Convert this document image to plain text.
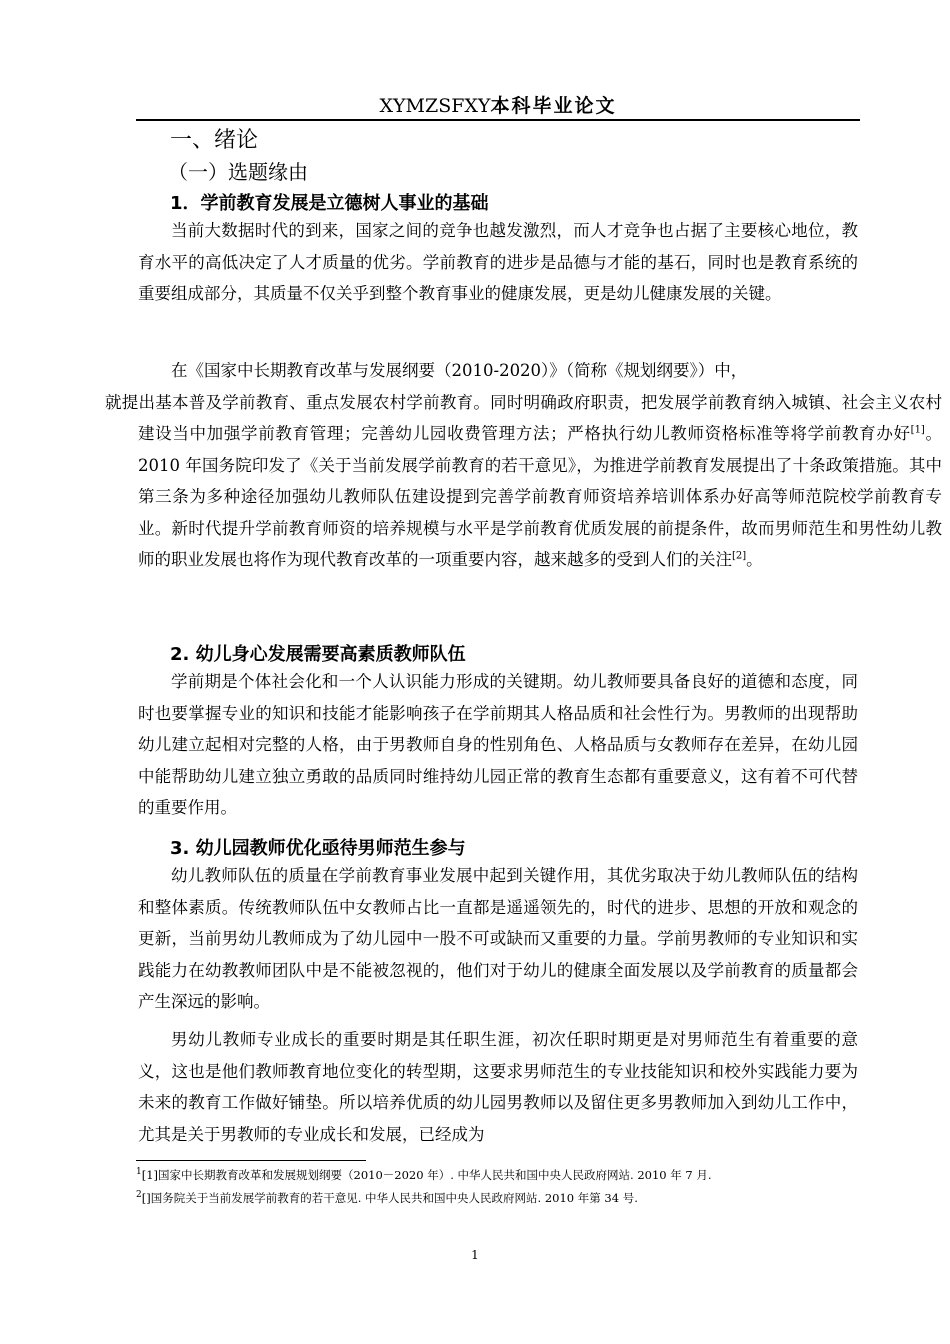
XYMZSFXY本科毕业论文
一、绪论
（一）选题缘由
1．学前教育发展是立德树人事业的基础

当前大数据时代的到来，国家之间的竞争也越发激烈，而人才竞争也占据了主要核心地位，教育水平的高低决定了人才质量的优劣。学前教育的进步是品德与才能的基石，同时也是教育系统的重要组成部分，其质量不仅关乎到整个教育事业的健康发展，更是幼儿健康发展的关键。

在《国家中长期教育改革与发展纲要（2010-2020）》（简称《规划纲要》）中，
就提出基本普及学前教育、重点发展农村学前教育。同时明确政府职责，把发展学前教育纳入城镇、社会主义农村建设当中加强学前教育管理；完善幼儿园收费管理方法；严格执行幼儿教师资格标准等将学前教育办好[1]。2010 年国务院印发了《关于当前发展学前教育的若干意见》，为推进学前教育发展提出了十条政策措施。其中第三条为多种途径加强幼儿教师队伍建设提到完善学前教育师资培养培训体系办好高等师范院校学前教育专业。新时代提升学前教育师资的培养规模与水平是学前教育优质发展的前提条件，故而男师范生和男性幼儿教师的职业发展也将作为现代教育改革的一项重要内容，越来越多的受到人们的关注[2]。

2. 幼儿身心发展需要高素质教师队伍

学前期是个体社会化和一个人认识能力形成的关键期。幼儿教师要具备良好的道德和态度，同时也要掌握专业的知识和技能才能影响孩子在学前期其人格品质和社会性行为。男教师的出现帮助幼儿建立起相对完整的人格，由于男教师自身的性别角色、人格品质与女教师存在差异，在幼儿园中能帮助幼儿建立独立勇敢的品质同时维持幼儿园正常的教育生态都有重要意义，这有着不可代替的重要作用。

3. 幼儿园教师优化亟待男师范生参与

幼儿教师队伍的质量在学前教育事业发展中起到关键作用，其优劣取决于幼儿教师队伍的结构和整体素质。传统教师队伍中女教师占比一直都是遥遥领先的，时代的进步、思想的开放和观念的更新，当前男幼儿教师成为了幼儿园中一股不可或缺而又重要的力量。学前男教师的专业知识和实践能力在幼教教师团队中是不能被忽视的，他们对于幼儿的健康全面发展以及学前教育的质量都会产生深远的影响。

男幼儿教师专业成长的重要时期是其任职生涯，初次任职时期更是对男师范生有着重要的意义，这也是他们教师教育地位变化的转型期，这要求男师范生的专业技能知识和校外实践能力要为未来的教育工作做好铺垫。所以培养优质的幼儿园男教师以及留住更多男教师加入到幼儿工作中，尤其是关于男教师的专业成长和发展，已经成为

$^1$[1]国家中长期教育改革和发展规划纲要（2010－2020 年）. 中华人民共和国中央人民政府网站. 2010 年 7 月.
$^2$[]国务院关于当前发展学前教育的若干意见. 中华人民共和国中央人民政府网站. 2010 年第 34 号.
1
